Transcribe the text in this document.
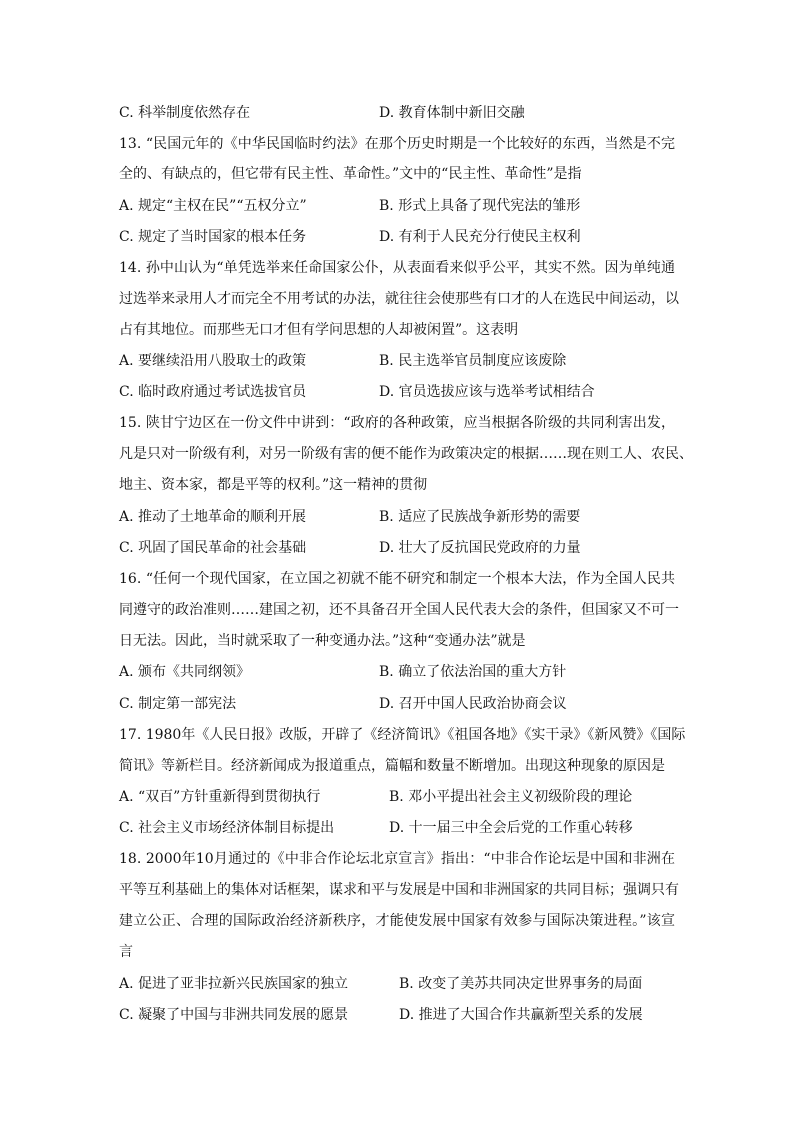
C. 科举制度依然存在	D. 教育体制中新旧交融
13. “民国元年的《中华民国临时约法》在那个历史时期是一个比较好的东西，当然是不完
全的、有缺点的，但它带有民主性、革命性。”文中的“民主性、革命性”是指
A. 规定“主权在民”“五权分立”	B. 形式上具备了现代宪法的雏形
C. 规定了当时国家的根本任务	D. 有利于人民充分行使民主权利
14. 孙中山认为“单凭选举来任命国家公仆，从表面看来似乎公平，其实不然。因为单纯通
过选举来录用人才而完全不用考试的办法，就往往会使那些有口才的人在选民中间运动，以
占有其地位。而那些无口才但有学问思想的人却被闲置”。这表明
A. 要继续沿用八股取士的政策	B. 民主选举官员制度应该废除
C. 临时政府通过考试选拔官员	D. 官员选拔应该与选举考试相结合
15. 陕甘宁边区在一份文件中讲到：“政府的各种政策，应当根据各阶级的共同利害出发，
凡是只对一阶级有利，对另一阶级有害的便不能作为政策决定的根据……现在则工人、农民、
地主、资本家，都是平等的权利。”这一精神的贯彻
A. 推动了土地革命的顺利开展	B. 适应了民族战争新形势的需要
C. 巩固了国民革命的社会基础	D. 壮大了反抗国民党政府的力量
16. “任何一个现代国家，在立国之初就不能不研究和制定一个根本大法，作为全国人民共
同遵守的政治准则……建国之初，还不具备召开全国人民代表大会的条件，但国家又不可一
日无法。因此，当时就采取了一种变通办法。”这种“变通办法”就是
A. 颁布《共同纲领》	B. 确立了依法治国的重大方针
C. 制定第一部宪法	D. 召开中国人民政治协商会议
17. 1980年《人民日报》改版，开辟了《经济简讯》《祖国各地》《实干录》《新风赞》《国际
简讯》等新栏目。经济新闻成为报道重点，篇幅和数量不断增加。出现这种现象的原因是
A. “双百”方针重新得到贯彻执行	B. 邓小平提出社会主义初级阶段的理论
C. 社会主义市场经济体制目标提出	D. 十一届三中全会后党的工作重心转移
18. 2000年10月通过的《中非合作论坛北京宣言》指出：“中非合作论坛是中国和非洲在
平等互利基础上的集体对话框架，谋求和平与发展是中国和非洲国家的共同目标；强调只有
建立公正、合理的国际政治经济新秩序，才能使发展中国家有效参与国际决策进程。”该宣
言
A. 促进了亚非拉新兴民族国家的独立	B. 改变了美苏共同决定世界事务的局面
C. 凝聚了中国与非洲共同发展的愿景	D. 推进了大国合作共赢新型关系的发展
